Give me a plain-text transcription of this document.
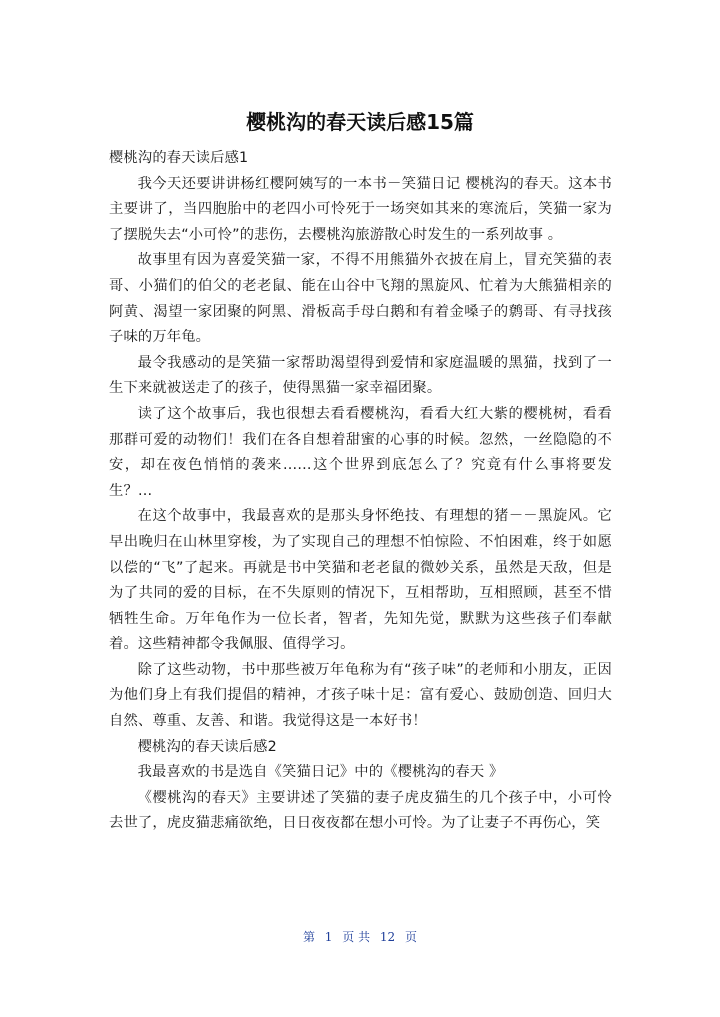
樱桃沟的春天读后感15篇

樱桃沟的春天读后感1

我今天还要讲讲杨红樱阿姨写的一本书－笑猫日记 樱桃沟的春天。这本书主要讲了，当四胞胎中的老四小可怜死于一场突如其来的寒流后，笑猫一家为了摆脱失去“小可怜”的悲伤，去樱桃沟旅游散心时发生的一系列故事 。

故事里有因为喜爱笑猫一家，不得不用熊猫外衣披在肩上，冒充笑猫的表哥、小猫们的伯父的老老鼠、能在山谷中飞翔的黑旋风、忙着为大熊猫相亲的阿黄、渴望一家团聚的阿黑、滑板高手母白鹅和有着金嗓子的鹩哥、有寻找孩子味的万年龟。

最令我感动的是笑猫一家帮助渴望得到爱情和家庭温暖的黑猫，找到了一生下来就被送走了的孩子，使得黑猫一家幸福团聚。

读了这个故事后，我也很想去看看樱桃沟，看看大红大紫的樱桃树，看看那群可爱的动物们！我们在各自想着甜蜜的心事的时候。忽然，一丝隐隐的不安，却在夜色悄悄的袭来……这个世界到底怎么了？究竟有什么事将要发生？…

在这个故事中，我最喜欢的是那头身怀绝技、有理想的猪－－黑旋风。它早出晚归在山林里穿梭，为了实现自己的理想不怕惊险、不怕困难，终于如愿以偿的“飞”了起来。再就是书中笑猫和老老鼠的微妙关系，虽然是天敌，但是为了共同的爱的目标，在不失原则的情况下，互相帮助，互相照顾，甚至不惜牺牲生命。万年龟作为一位长者，智者，先知先觉，默默为这些孩子们奉献着。这些精神都令我佩服、值得学习。

除了这些动物，书中那些被万年龟称为有“孩子味”的老师和小朋友，正因为他们身上有我们提倡的精神，才孩子味十足：富有爱心、鼓励创造、回归大自然、尊重、友善、和谐。我觉得这是一本好书！

樱桃沟的春天读后感2

我最喜欢的书是选自《笑猫日记》中的《樱桃沟的春天 》

《樱桃沟的春天》主要讲述了笑猫的妻子虎皮猫生的几个孩子中，小可怜去世了，虎皮猫悲痛欲绝，日日夜夜都在想小可怜。为了让妻子不再伤心，笑

第 1 页 共 12 页
